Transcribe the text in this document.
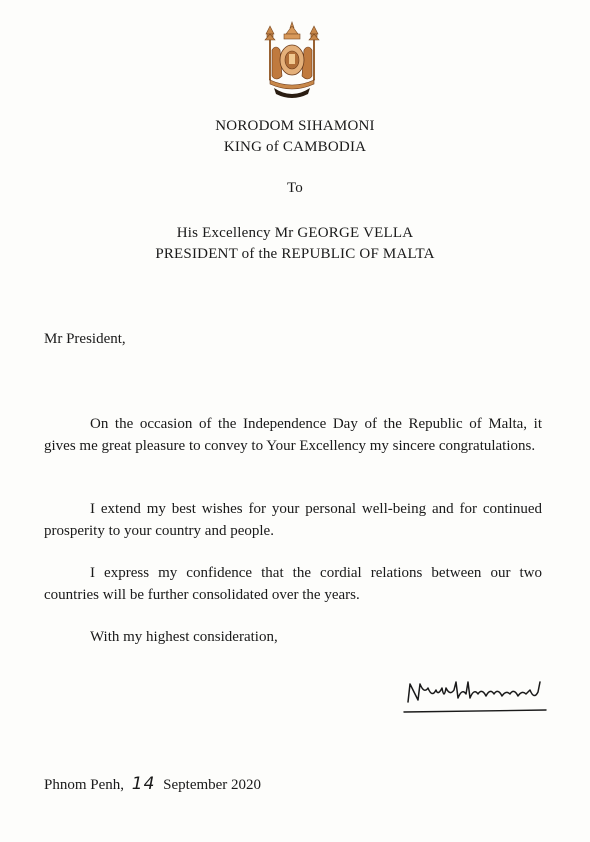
NORODOM SIHAMONI
KING of CAMBODIA
To
His Excellency Mr GEORGE VELLA
PRESIDENT of the REPUBLIC OF MALTA
Mr President,
On the occasion of the Independence Day of the Republic of Malta, it gives me great pleasure to convey to Your Excellency my sincere congratulations.
I extend my best wishes for your personal well-being and for continued prosperity to your country and people.
I express my confidence that the cordial relations between our two countries will be further consolidated over the years.
With my highest consideration,
Phnom Penh, 14 September 2020
